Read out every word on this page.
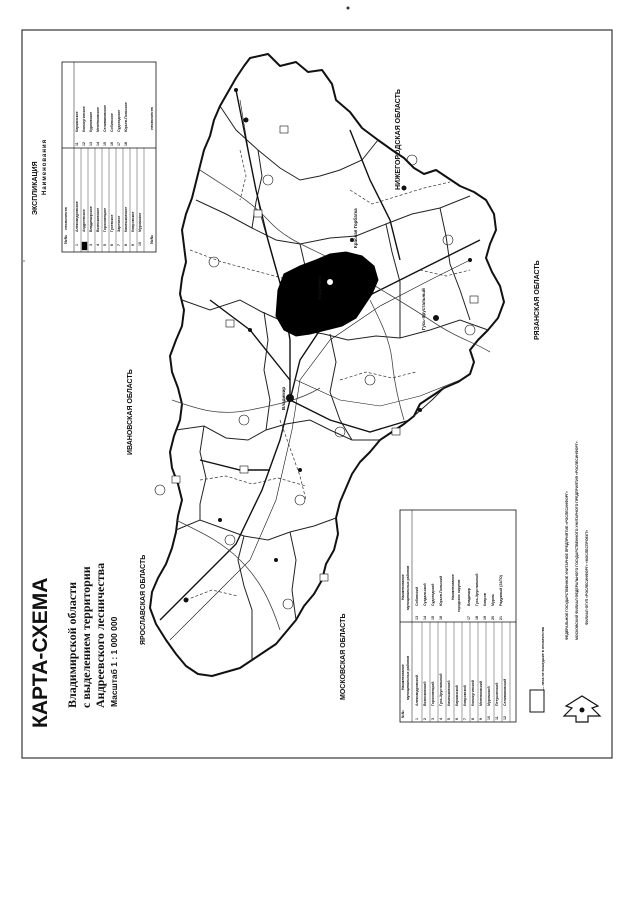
КАРТА-СХЕМА Владимирской области с выделением территории Андреевского лесничества Масштаб 1 : 1 000 000
ЯРОСЛАВСКАЯ ОБЛАСТЬ
ИВАНОВСКАЯ ОБЛАСТЬ
НИЖЕГОРОДСКАЯ ОБЛАСТЬ
МОСКОВСКАЯ ОБЛАСТЬ
РЯЗАНСКАЯ ОБЛАСТЬ
ЭКСПЛИКАЦИЯ Наименования
№№
лесничеств
№№
лесничеств
1
Александровское
2
Андреевское
3
Владимирское
4
Вязниковское
5
Гороховецкое
6
Гусевское
7
Заречное
8
Камешковское
9
Ковровское
10
Муромское
11
Киржачское
12
Кольчугинское
13
Курловское
14
Мелёнковское
15
Селивановское
16
Собинское
17
Судогодское
18
Юрьев-Польское
№№
Наименование муниципальных районов
Наименование муниципальных районов
1
Александровский
2
Вязниковский
3
Гороховецкий
4
Гусь-Хрустальный
5
Камешковский
6
Киржачский
7
Ковровский
8
Кольчугинский
9
Меленковский
10
Муромский
11
Петушинский
12
Селивановский
13
Собинский
14
Суздальский
15
Судогодский
16
Юрьев-Польский Наименование городских округов
17
Владимир
18
Гусь-Хрустальный
19
Ковров
20
Муром
21
Радужный (ЗАТО)
Андреевка
Красная Горбатка
Гусь-Хрустальный
Владимир
— леса не вошедшие в лесничества
ФЕДЕРАЛЬНОЕ ГОСУДАРСТВЕННОЕ УНИТАРНОЕ ПРЕДПРИЯТИЕ «РОСЛЕСИНФОРГ» МОСКОВСКИЙ ФИЛИАЛ ФЕДЕРАЛЬНОГО ГОСУДАРСТВЕННОГО УНИТАРНОГО ПРЕДПРИЯТИЯ «РОСЛЕСИНФОРГ» ФИЛИАЛ ФГУП «РОСЛЕСИНФОРГ» «МОСЛЕСПРОЕКТ»
